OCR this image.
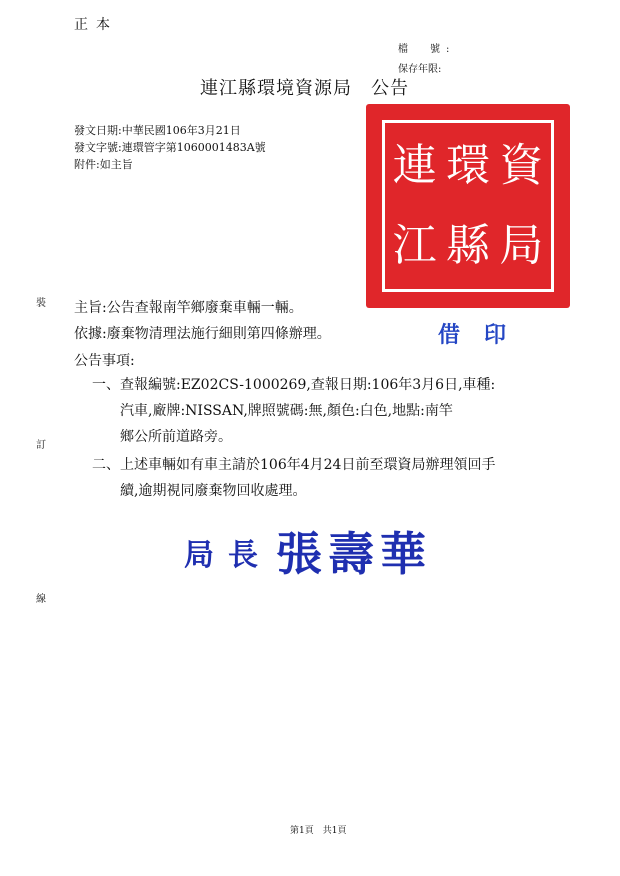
正本
檔　號:
保存年限:
連江縣環境資源局　公告
發文日期:中華民國106年3月21日
發文字號:連環管字第1060001483A號
附件:如主旨	連 環 資
江 縣 局
裝
訂
線
主旨:公告查報南竿鄉廢棄車輛一輛。
借印
依據:廢棄物清理法施行細則第四條辦理。
公告事項:
一、 查報編號:EZ02CS-1000269,查報日期:106年3月6日,車種:
汽車,廠牌:NISSAN,牌照號碼:無,顏色:白色,地點:南竿
鄉公所前道路旁。
二、 上述車輛如有車主請於106年4月24日前至環資局辦理領回手
續,逾期視同廢棄物回收處理。
局長 張壽華
第1頁　共1頁
